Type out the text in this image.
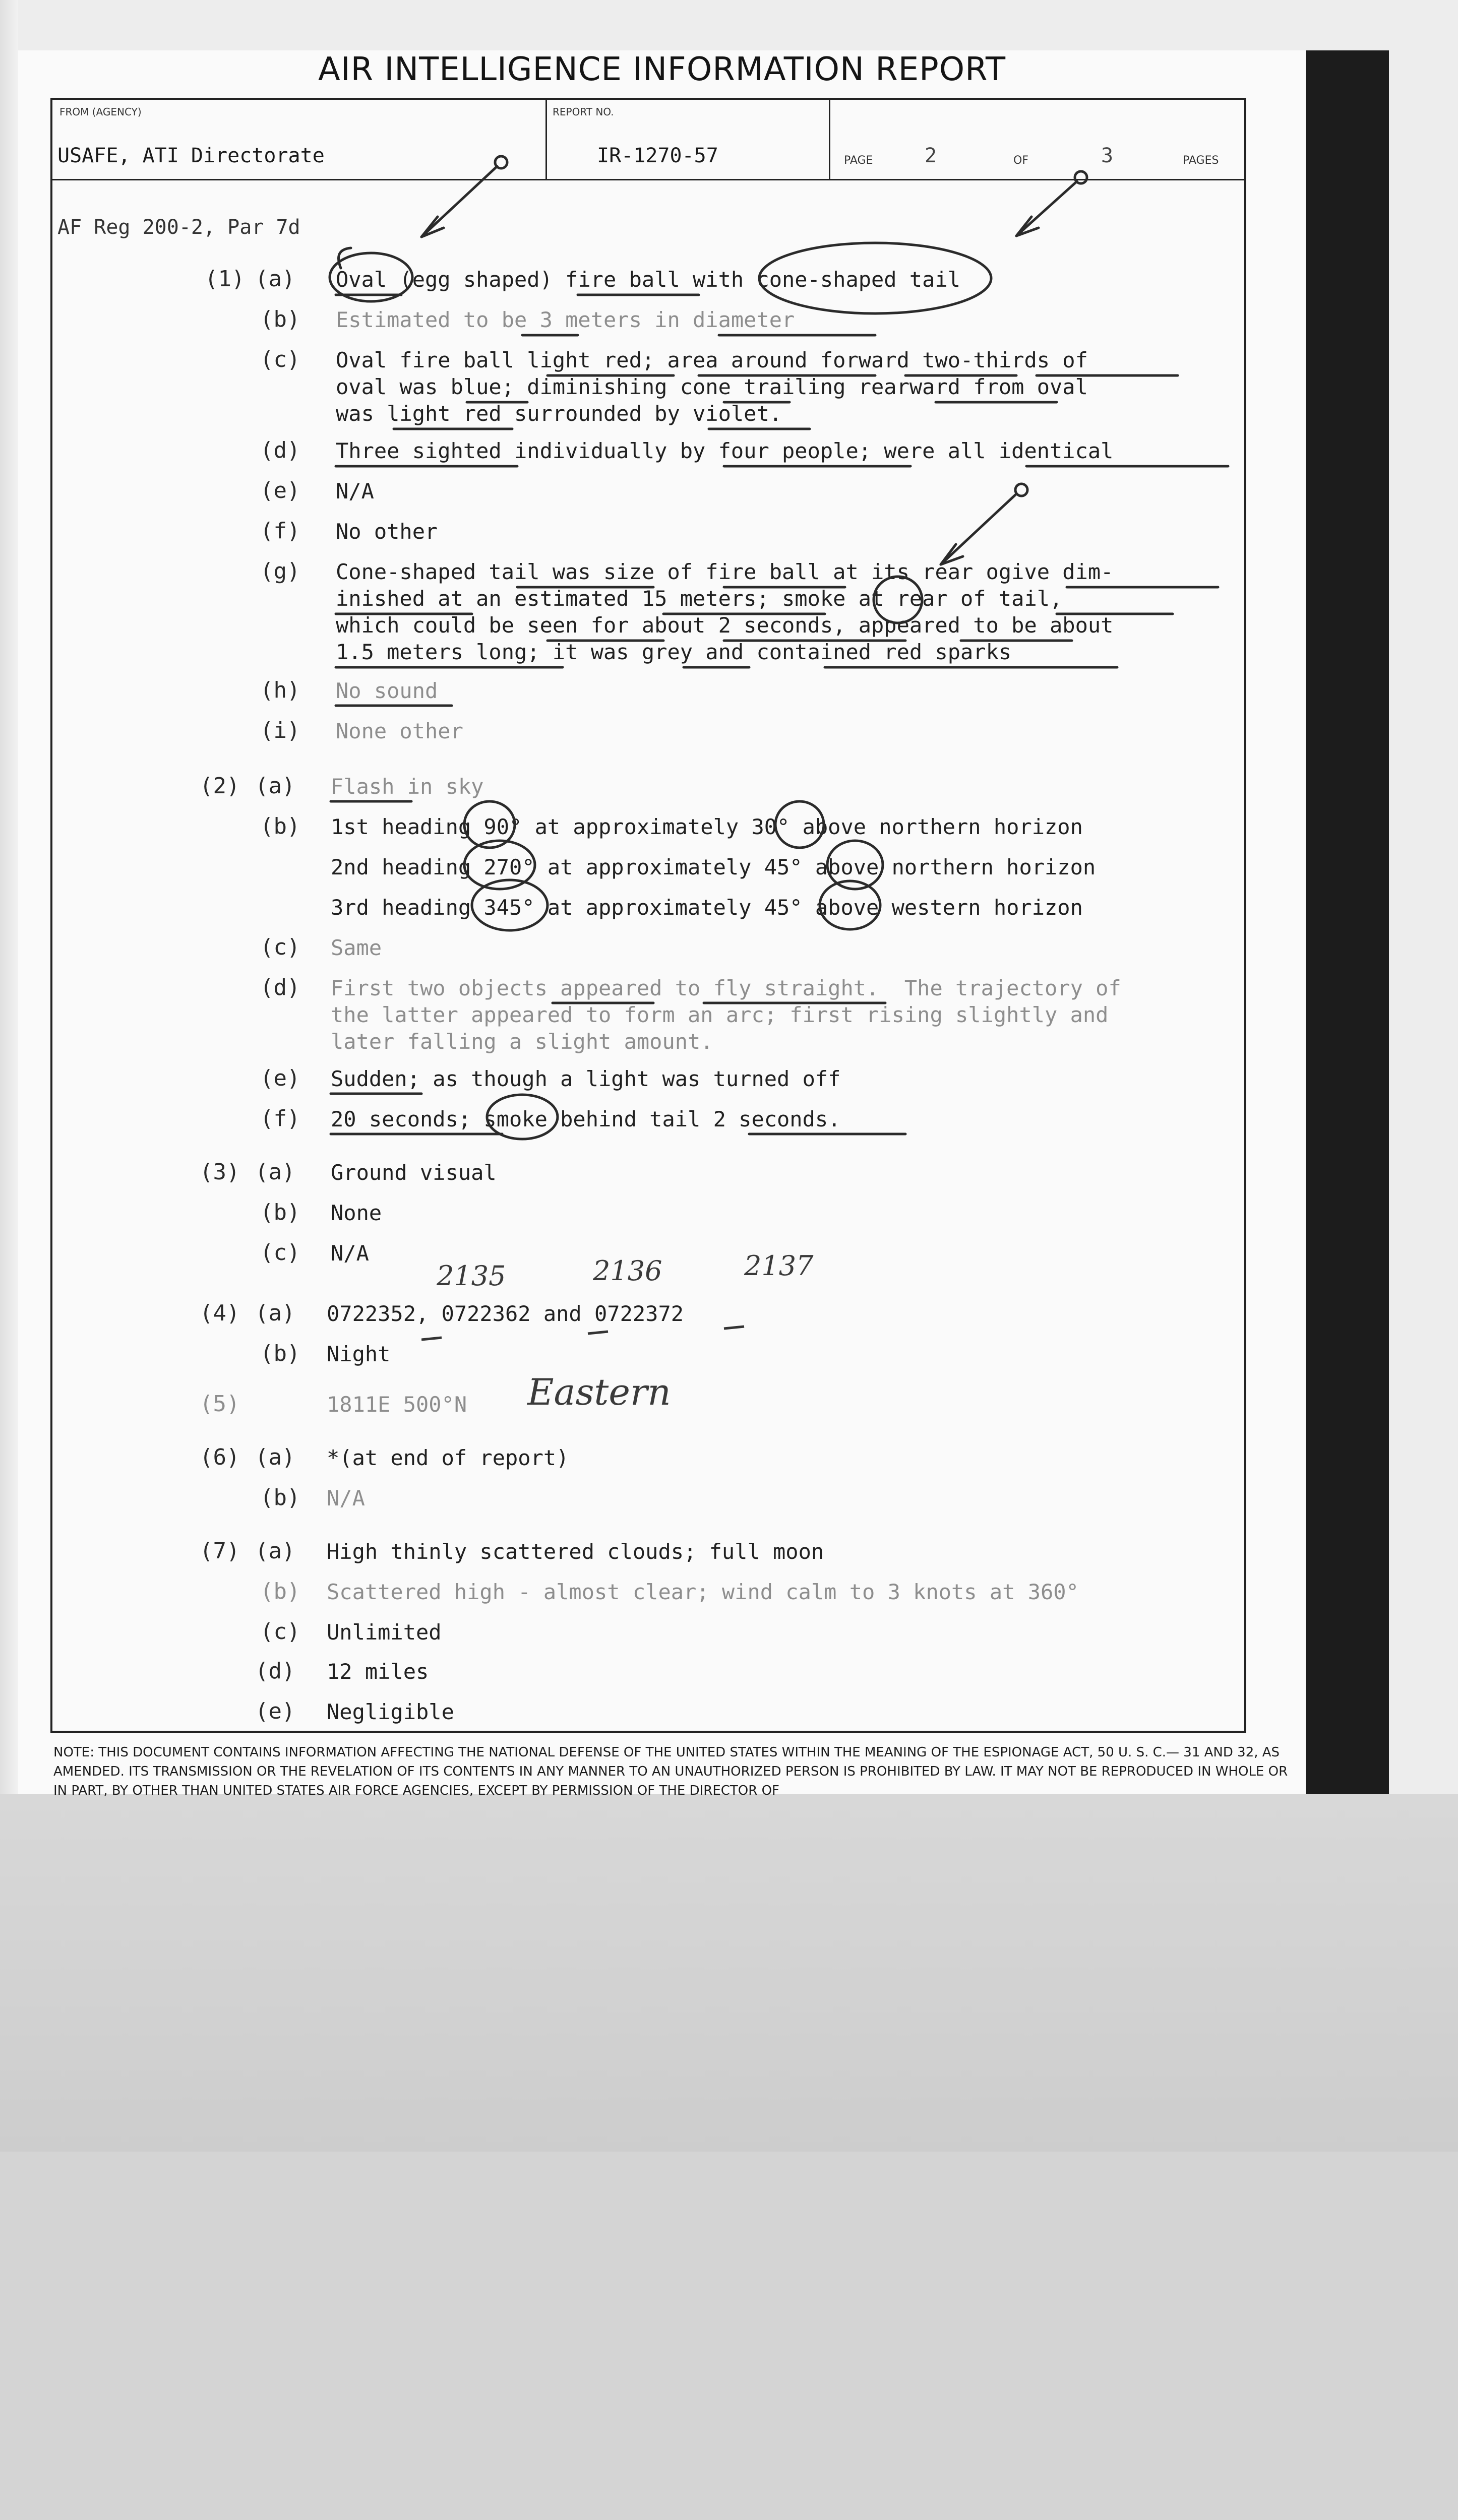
AIR INTELLIGENCE INFORMATION REPORT
FROM (AGENCY)
USAFE, ATI Directorate
REPORT NO.
IR-1270-57	PAGE	2	OF	3	PAGES
AF Reg 200-2, Par 7d
(1) (a) Oval (egg shaped) fire ball with cone-shaped tail
(b) Estimated to be 3 meters in diameter
(c) Oval fire ball light red; area around forward two-thirds of
oval was blue; diminishing cone trailing rearward from oval
was light red surrounded by violet.
(d) Three sighted individually by four people; were all identical
(e) N/A
(f) No other
(g) Cone-shaped tail was size of fire ball at its rear ogive dim-
inished at an estimated 15 meters; smoke at rear of tail,
which could be seen for about 2 seconds, appeared to be about
1.5 meters long; it was grey and contained red sparks
(h) No sound
(i) None other
(2) (a) Flash in sky
(b) 1st heading 90° at approximately 30° above northern horizon
2nd heading 270° at approximately 45° above northern horizon
3rd heading 345° at approximately 45° above western horizon
(c) Same
(d) First two objects appeared to fly straight.  The trajectory of
the latter appeared to form an arc; first rising slightly and
later falling a slight amount.
(e) Sudden; as though a light was turned off
(f) 20 seconds; smoke behind tail 2 seconds.
(3) (a) Ground visual
(b) None
(c) N/A
2135	2136	2137
(4) (a) 0722352, 0722362 and 0722372
(b) Night
(5)	1811E 500°N Eastern
(6) (a) *(at end of report)
(b) N/A
(7) (a) High thinly scattered clouds; full moon
(b) Scattered high - almost clear; wind calm to 3 knots at 360°
(c) Unlimited
(d) 12 miles
(e) Negligible
NOTE: THIS DOCUMENT CONTAINS INFORMATION AFFECTING THE NATIONAL DEFENSE OF THE UNITED STATES WITHIN THE MEANING OF THE ESPIONAGE ACT, 50 U. S. C.— 31 AND 32, AS AMENDED. ITS TRANSMISSION OR THE REVELATION OF ITS CONTENTS IN ANY MANNER TO AN UNAUTHORIZED PERSON IS PROHIBITED BY LAW. IT MAY NOT BE REPRODUCED IN WHOLE OR IN PART, BY OTHER THAN UNITED STATES AIR FORCE AGENCIES, EXCEPT BY PERMISSION OF THE DIRECTOR OF
